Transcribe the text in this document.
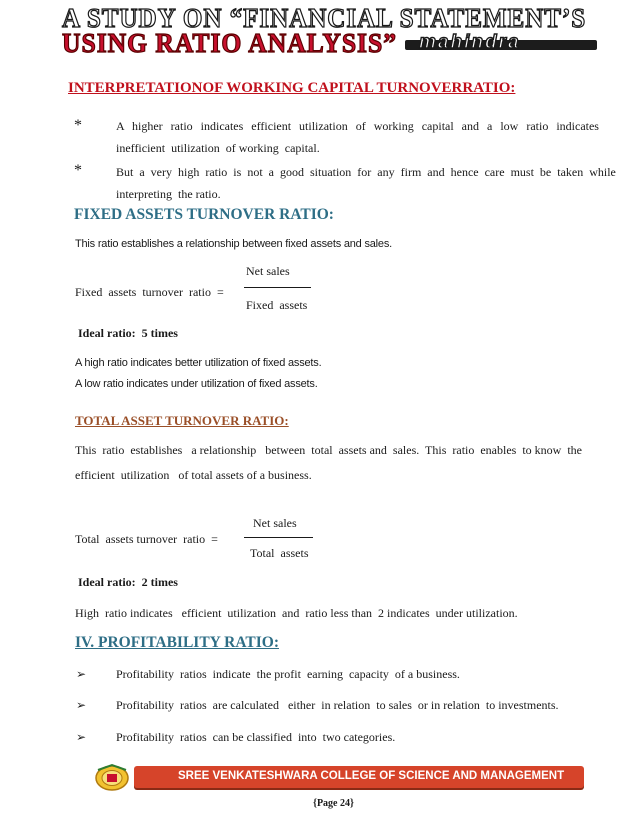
A STUDY ON “FINANCIAL STATEMENT’S
USING RATIO ANALYSIS” mahindra
INTERPRETATIONOF WORKING CAPITAL TURNOVERRATIO:
*	A  higher  ratio  indicates  efficient  utilization  of  working  capital  and  a  low  ratio  indicates
inefficient  utilization  of working  capital.
*	But  a  very  high  ratio  is  not  a  good  situation  for  any  firm  and  hence  care  must  be  taken  while
interpreting  the ratio.
FIXED ASSETS TURNOVER RATIO:
This ratio establishes a relationship between fixed assets and sales.
Net sales
Fixed  assets  turnover  ratio  =
Fixed  assets
Ideal ratio:  5 times
A high ratio indicates better utilization of fixed assets.
A low ratio indicates under utilization of fixed assets.
TOTAL ASSET TURNOVER RATIO:
This  ratio  establishes   a relationship   between  total  assets and  sales.  This  ratio  enables  to know  the
efficient  utilization   of total assets of a business.
Net sales
Total  assets turnover  ratio  =
Total  assets
Ideal ratio:  2 times
High  ratio indicates   efficient  utilization  and  ratio less than  2 indicates  under utilization.
IV. PROFITABILITY RATIO:
➢ Profitability  ratios  indicate  the profit  earning  capacity  of a business.
➢ Profitability  ratios  are calculated   either  in relation  to sales  or in relation  to investments.
➢ Profitability  ratios  can be classified  into  two categories.
SREE VENKATESHWARA COLLEGE OF SCIENCE AND MANAGEMENT
{Page 24}
